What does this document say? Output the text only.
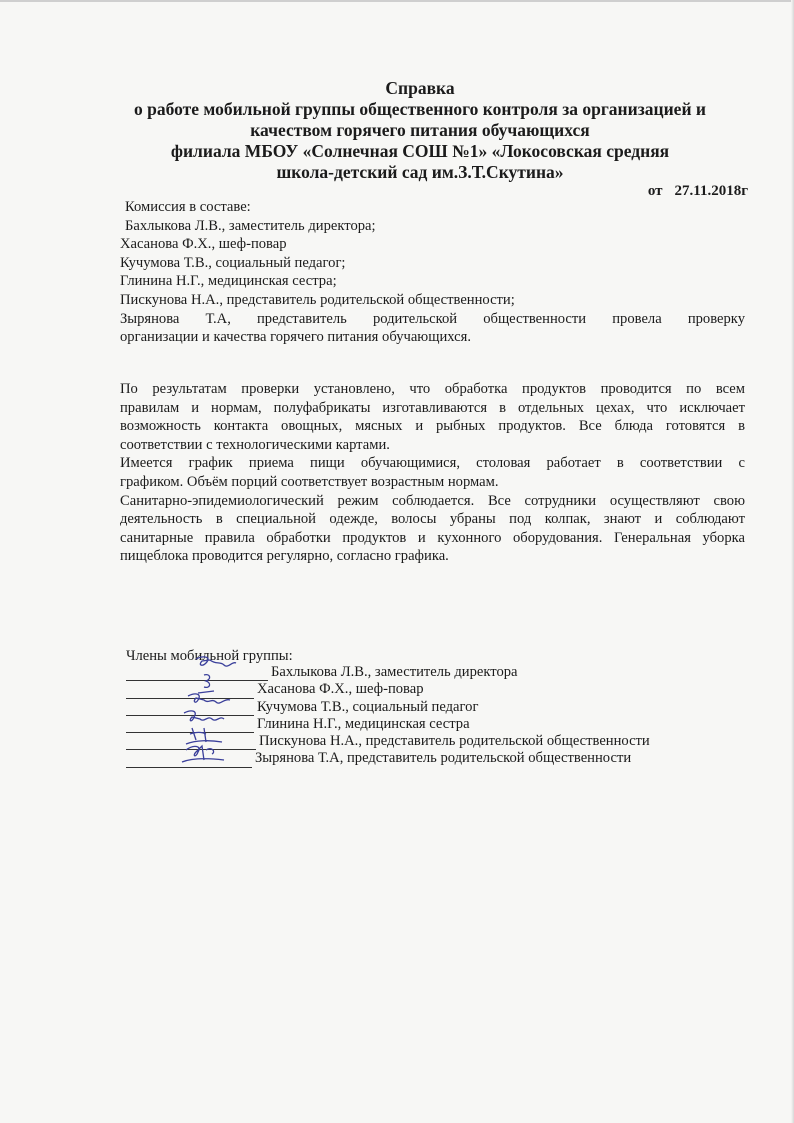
Справка
о работе мобильной группы общественного контроля за организацией и
качеством горячего питания обучающихся
филиала МБОУ «Солнечная СОШ №1» «Локосовская средняя
школа-детский сад им.З.Т.Скутина»
от 27.11.2018г
Комиссия в составе:
Бахлыкова Л.В., заместитель директора;
Хасанова Ф.Х., шеф-повар
Кучумова Т.В., социальный педагог;
Глинина Н.Г., медицинская сестра;
Пискунова Н.А., представитель родительской общественности;
Зырянова Т.А, представитель родительской общественности провела проверку
организации и качества горячего питания обучающихся.
По результатам проверки установлено, что обработка продуктов проводится по всем
правилам и нормам, полуфабрикаты изготавливаются в отдельных цехах, что исключает
возможность контакта овощных, мясных и рыбных продуктов. Все блюда готовятся в
соответствии с технологическими картами.
Имеется график приема пищи обучающимися, столовая работает в соответствии с
графиком. Объём порций соответствует возрастным нормам.
Санитарно-эпидемиологический режим соблюдается. Все сотрудники осуществляют свою
деятельность в специальной одежде, волосы убраны под колпак, знают и соблюдают
санитарные правила обработки продуктов и кухонного оборудования. Генеральная уборка
пищеблока проводится регулярно, согласно графика.
Члены мобильной группы:
Бахлыкова Л.В., заместитель директора
Хасанова Ф.Х., шеф-повар
Кучумова Т.В., социальный педагог
Глинина Н.Г., медицинская сестра
Пискунова Н.А., представитель родительской общественности
Зырянова Т.А, представитель родительской общественности
